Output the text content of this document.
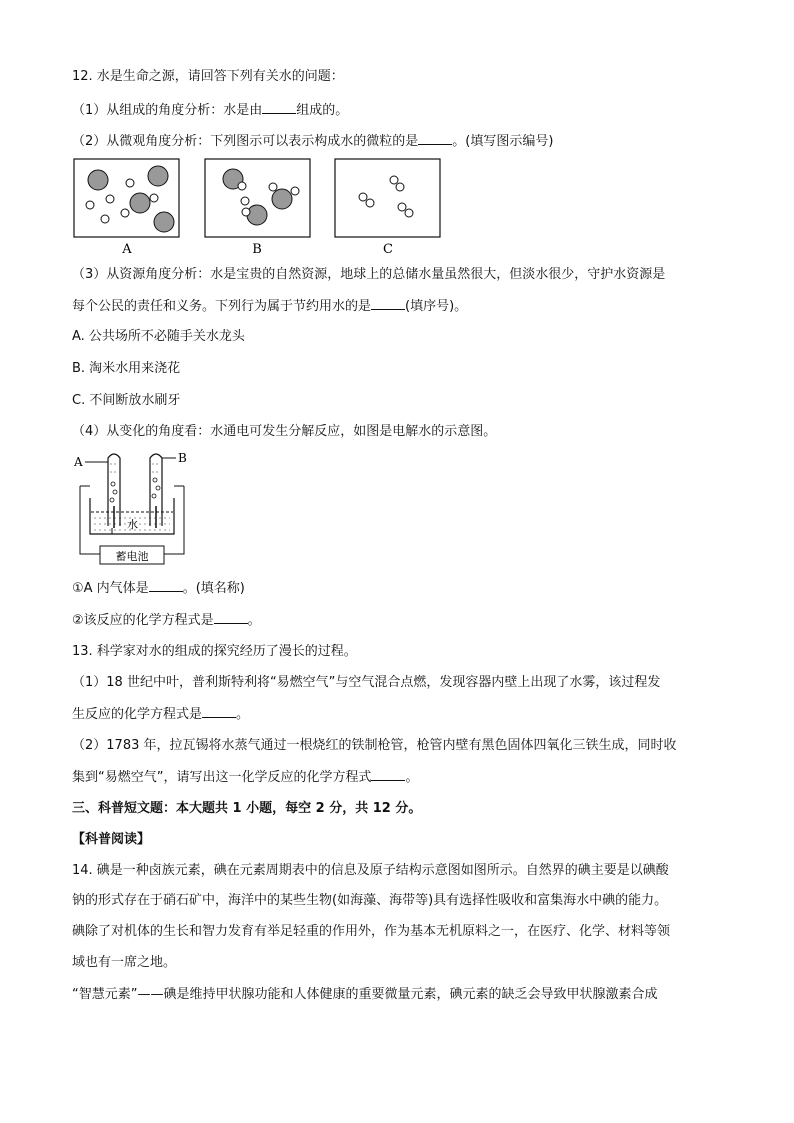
12. 水是生命之源，请回答下列有关水的问题：
（1）从组成的角度分析：水是由	组成的。
（2）从微观角度分析：下列图示可以表示构成水的微粒的是	。(填写图示编号)
A	B	C
（3）从资源角度分析：水是宝贵的自然资源，地球上的总储水量虽然很大，但淡水很少，守护水资源是
每个公民的责任和义务。下列行为属于节约用水的是	(填序号)。
A. 公共场所不必随手关水龙头
B. 淘米水用来浇花
C. 不间断放水刷牙
（4）从变化的角度看：水通电可发生分解反应，如图是电解水的示意图。
蓄电池
A	B
水
①A 内气体是	。(填名称)
②该反应的化学方程式是	。
13. 科学家对水的组成的探究经历了漫长的过程。
（1）18 世纪中叶，普利斯特利将“易燃空气”与空气混合点燃，发现容器内壁上出现了水雾，该过程发
生反应的化学方程式是	。
（2）1783 年，拉瓦锡将水蒸气通过一根烧红的铁制枪管，枪管内壁有黑色固体四氧化三铁生成，同时收
集到“易燃空气”，请写出这一化学反应的化学方程式	。
三、科普短文题：本大题共 1 小题，每空 2 分，共 12 分。
【科普阅读】
14. 碘是一种卤族元素，碘在元素周期表中的信息及原子结构示意图如图所示。自然界的碘主要是以碘酸
钠的形式存在于硝石矿中，海洋中的某些生物(如海藻、海带等)具有选择性吸收和富集海水中碘的能力。
碘除了对机体的生长和智力发育有举足轻重的作用外，作为基本无机原料之一，在医疗、化学、材料等领
域也有一席之地。
“智慧元素”——碘是维持甲状腺功能和人体健康的重要微量元素，碘元素的缺乏会导致甲状腺激素合成
